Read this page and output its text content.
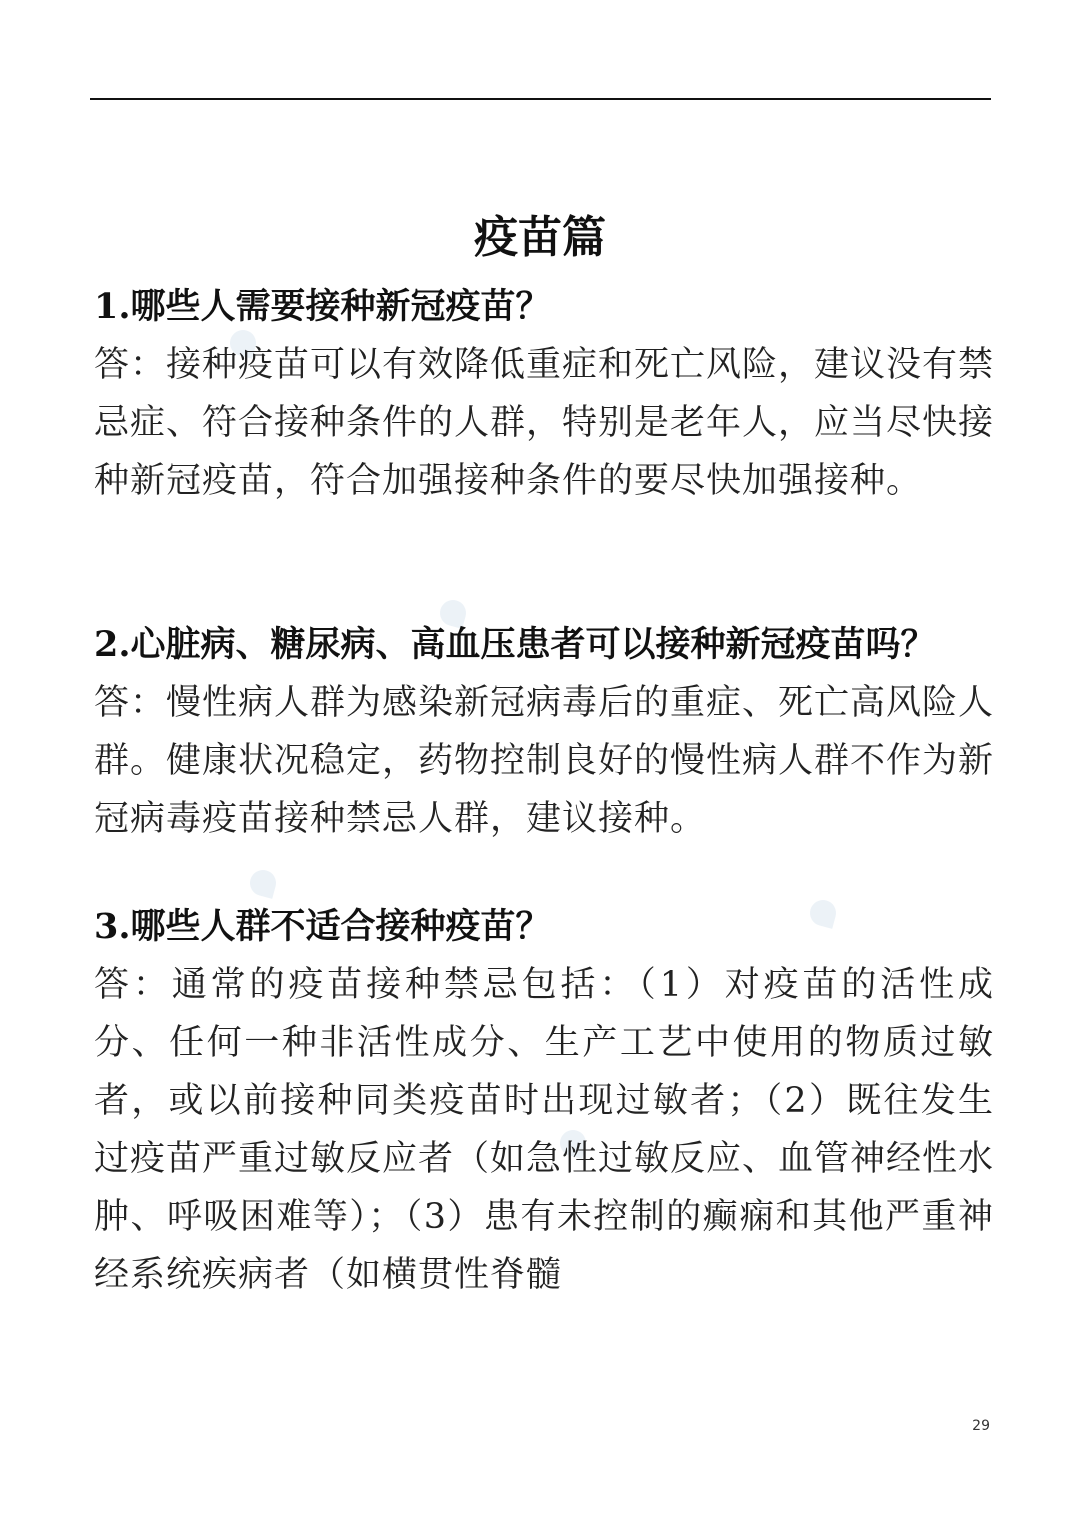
疫苗篇

1.哪些人需要接种新冠疫苗？

答：接种疫苗可以有效降低重症和死亡风险，建议没有禁忌症、符合接种条件的人群，特别是老年人，应当尽快接种新冠疫苗，符合加强接种条件的要尽快加强接种。

2.心脏病、糖尿病、高血压患者可以接种新冠疫苗吗？

答：慢性病人群为感染新冠病毒后的重症、死亡高风险人群。健康状况稳定，药物控制良好的慢性病人群不作为新冠病毒疫苗接种禁忌人群，建议接种。

3.哪些人群不适合接种疫苗？

答：通常的疫苗接种禁忌包括：（1）对疫苗的活性成分、任何一种非活性成分、生产工艺中使用的物质过敏者，或以前接种同类疫苗时出现过敏者；（2）既往发生过疫苗严重过敏反应者（如急性过敏反应、血管神经性水肿、呼吸困难等）；（3）患有未控制的癫痫和其他严重神经系统疾病者（如横贯性脊髓

29
